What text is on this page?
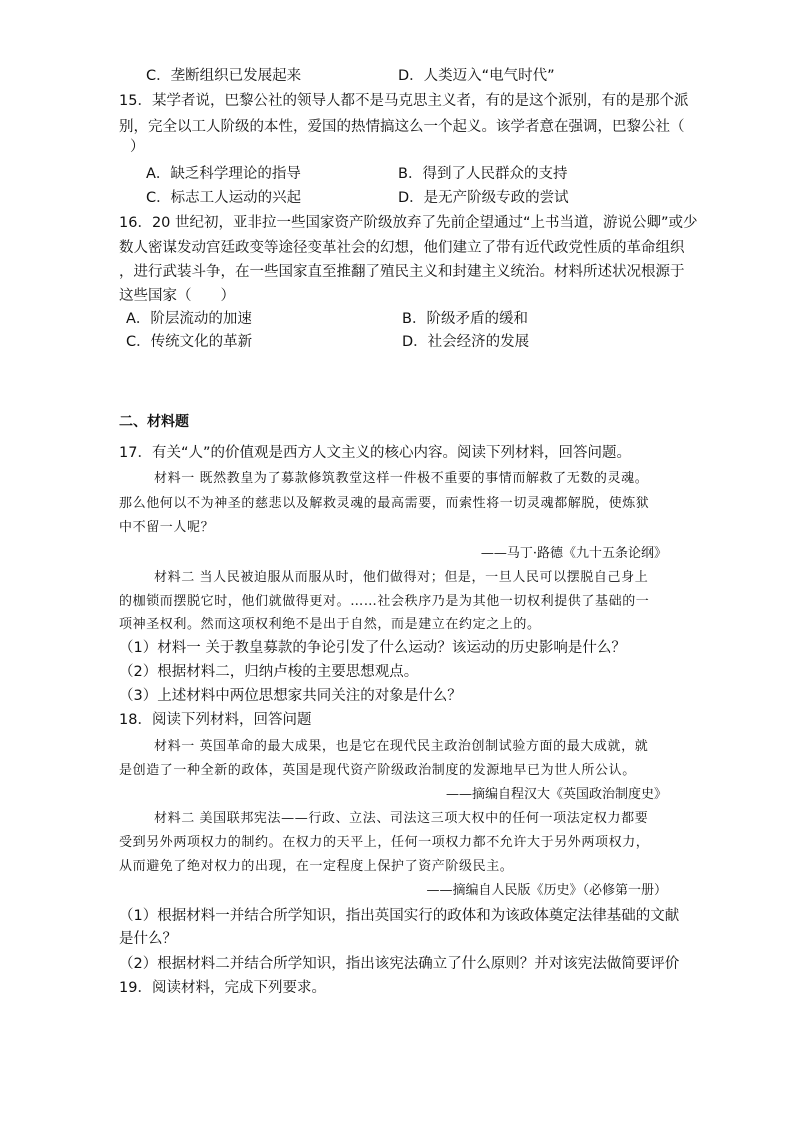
C．垄断组织已发展起来	D．人类迈入“电气时代”
15．某学者说，巴黎公社的领导人都不是马克思主义者，有的是这个派别，有的是那个派
别，完全以工人阶级的本性，爱国的热情搞这么一个起义。该学者意在强调，巴黎公社（
）
A．缺乏科学理论的指导	B．得到了人民群众的支持
C．标志工人运动的兴起	D．是无产阶级专政的尝试
16．20 世纪初，亚非拉一些国家资产阶级放弃了先前企望通过“上书当道，游说公卿”或少
数人密谋发动宫廷政变等途径变革社会的幻想，他们建立了带有近代政党性质的革命组织
，进行武装斗争，在一些国家直至推翻了殖民主义和封建主义统治。材料所述状况根源于
这些国家（　　）
A．阶层流动的加速	B．阶级矛盾的缓和
C．传统文化的革新	D．社会经济的发展
二、材料题
17．有关“人”的价值观是西方人文主义的核心内容。阅读下列材料，回答问题。
材料一 既然教皇为了募款修筑教堂这样一件极不重要的事情而解救了无数的灵魂。
那么他何以不为神圣的慈悲以及解救灵魂的最高需要，而索性将一切灵魂都解脱，使炼狱
中不留一人呢？
——马丁·路德《九十五条论纲》
材料二 当人民被迫服从而服从时，他们做得对；但是，一旦人民可以摆脱自己身上
的枷锁而摆脱它时，他们就做得更对。……社会秩序乃是为其他一切权利提供了基础的一
项神圣权利。然而这项权利绝不是出于自然，而是建立在约定之上的。
（1）材料一 关于教皇募款的争论引发了什么运动？该运动的历史影响是什么？
（2）根据材料二，归纳卢梭的主要思想观点。
（3）上述材料中两位思想家共同关注的对象是什么？
18．阅读下列材料，回答问题
材料一 英国革命的最大成果，也是它在现代民主政治创制试验方面的最大成就，就
是创造了一种全新的政体，英国是现代资产阶级政治制度的发源地早已为世人所公认。
——摘编自程汉大《英国政治制度史》
材料二 美国联邦宪法——行政、立法、司法这三项大权中的任何一项法定权力都要
受到另外两项权力的制约。在权力的天平上，任何一项权力都不允许大于另外两项权力，
从而避免了绝对权力的出现，在一定程度上保护了资产阶级民主。
——摘编自人民版《历史》（必修第一册）
（1）根据材料一并结合所学知识，指出英国实行的政体和为该政体奠定法律基础的文献
是什么？
（2）根据材料二并结合所学知识，指出该宪法确立了什么原则？并对该宪法做简要评价
19．阅读材料，完成下列要求。
